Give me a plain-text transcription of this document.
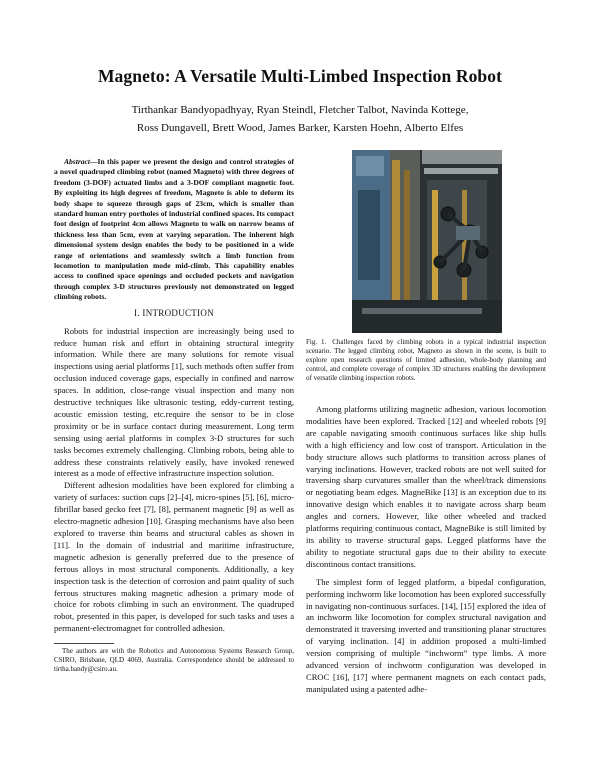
Magneto: A Versatile Multi-Limbed Inspection Robot
Tirthankar Bandyopadhyay, Ryan Steindl, Fletcher Talbot, Navinda Kottege,
Ross Dungavell, Brett Wood, James Barker, Karsten Hoehn, Alberto Elfes

Abstract—In this paper we present the design and control strategies of a novel quadruped climbing robot (named Magneto) with three degrees of freedom (3-DOF) actuated limbs and a 3-DOF compliant magnetic foot. By exploiting its high degrees of freedom, Magneto is able to deform its body shape to squeeze through gaps of 23cm, which is smaller than standard human entry portholes of industrial confined spaces. Its compact foot design of footprint 4cm allows Magneto to walk on narrow beams of thickness less than 5cm, even at varying separation. The inherent high dimensional system design enables the body to be positioned in a wide range of orientations and seamlessly switch a limb function from locomotion to manipulation mode mid-climb. This capability enables access to confined space openings and occluded pockets and navigation through complex 3-D structures previously not demonstrated on legged climbing robots.

I. INTRODUCTION

Robots for industrial inspection are increasingly being used to reduce human risk and effort in obtaining structural integrity information. While there are many solutions for remote visual inspections using aerial platforms [1], such methods often suffer from occlusion induced coverage gaps, especially in confined and narrow spaces. In addition, close-range visual inspection and many non destructive techniques like ultrasonic testing, eddy-current testing, acoustic emission testing, etc.require the sensor to be in close proximity or be in surface contact during measurement. Long term sensing using aerial platforms in complex 3-D structures for such tasks becomes extremely challenging. Climbing robots, being able to address these constraints relatively easily, have invoked renewed interest as a mode of effective infrastructure inspection solution.

Different adhesion modalities have been explored for climbing a variety of surfaces: suction cups [2]–[4], micro-spines [5], [6], micro-fibrillar based gecko feet [7], [8], permanent magnetic [9] as well as electro-magnetic adhesion [10]. Grasping mechanisms have also been explored to traverse thin beams and structural cables as shown in [11]. In the domain of industrial and maritime infrastructure, magnetic adhesion is generally preferred due to the presence of ferrous alloys in most structural components. Additionally, a key inspection task is the detection of corrosion and paint quality of such ferrous structures making magnetic adhesion a primary mode of choice for robots climbing in such an environment. The quadruped robot, presented in this paper, is developed for such tasks and uses a permanent-electromagnet for controlled adhesion.

The authors are with the Robotics and Autonomous Systems Research Group, CSIRO, Brisbane, QLD 4069, Australia. Correspondence should be addressed to tirtha.bandy@csiro.au.

Fig. 1. Challenges faced by climbing robots in a typical industrial inspection scenario. The legged climbing robot, Magneto as shown in the scene, is built to explore open research questions of limited adhesion, whole-body planning and control, and complete coverage of complex 3D structures enabling the development of versatile climbing inspection robots.

Among platforms utilizing magnetic adhesion, various locomotion modalities have been explored. Tracked [12] and wheeled robots [9] are capable navigating smooth continuous surfaces like ship hulls with a high efficiency and low cost of transport. Articulation in the body structure allows such platforms to transition across planes of varying inclinations. However, tracked robots are not well suited for traversing sharp curvatures smaller than the wheel/track dimensions or negotiating beam edges. MagneBike [13] is an exception due to its innovative design which enables it to navigate across sharp beam angles and corners. However, like other wheeled and tracked platforms requiring continuous contact, MagneBike is still limited by its ability to traverse structural gaps. Legged platforms have the ability to negotiate structural gaps due to their ability to execute discontinous contact transitions.

The simplest form of legged platform, a bipedal configuration, performing inchworm like locomotion has been explored successfully in navigating non-continuous surfaces. [14], [15] explored the idea of an inchworm like locomotion for complex structural navigation and demonstrated it traversing inverted and transitioning planar structures of varying inclination. [4] in addition proposed a multi-limbed version comprising of multiple “inchworm” type limbs. A more advanced version of inchworm configuration was developed in CROC [16], [17] where permanent magnets on each contact pads, manipulated using a patented adhe-
